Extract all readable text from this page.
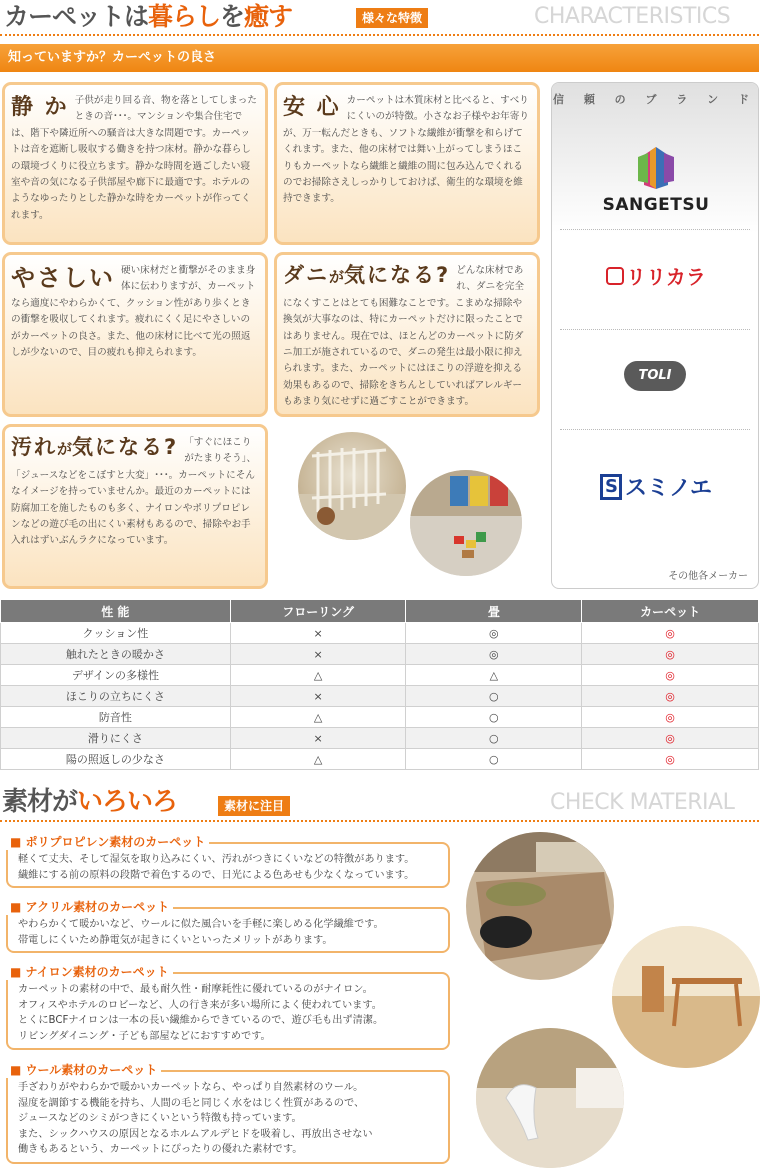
カーペットは暮らしを癒す	様々な特徴	CHARACTERISTICS
知っていますか？カーペットの良さ
静 か 子供が走り回る音、物を落としてしまったときの音･･･。マンションや集合住宅では、階下や隣近所への騒音は大きな問題です。カーペットは音を遮断し吸収する働きを持つ床材。静かな暮らしの環境づくりに役立ちます。静かな時間を過ごしたい寝室や音の気になる子供部屋や廊下に最適です。ホテルのようなゆったりとした静かな時をカーペットが作ってくれます。
安 心 カーペットは木質床材と比べると、すべりにくいのが特徴。小さなお子様やお年寄りが、万一転んだときも、ソフトな繊維が衝撃を和らげてくれます。また、他の床材では舞い上がってしまうほこりもカーペットなら繊維と繊維の間に包み込んでくれるのでお掃除さえしっかりしておけば、衛生的な環境を維持できます。
やさしい 硬い床材だと衝撃がそのまま身体に伝わりますが、カーペットなら適度にやわらかくて、クッション性があり歩くときの衝撃を吸収してくれます。疲れにくく足にやさしいのがカーペットの良さ。また、他の床材に比べて光の照返しが少ないので、目の疲れも抑えられます。
ダニが気になる? どんな床材であれ、ダニを完全になくすことはとても困難なことです。こまめな掃除や換気が大事なのは、特にカーペットだけに限ったことではありません。現在では、ほとんどのカーペットに防ダニ加工が施されているので、ダニの発生は最小限に抑えられます。また、カーペットにはほこりの浮遊を抑える効果もあるので、掃除をきちんとしていればアレルギーもあまり気にせずに過ごすことができます。
汚れが気になる? 「すぐにほこりがたまりそう」、「ジュースなどをこぼすと大変」･･･。カーペットにそんなイメージを持っていませんか。最近のカーペットには防腐加工を施したものも多く、ナイロンやポリプロピレンなどの遊び毛の出にくい素材もあるので、掃除やお手入れはずいぶんラクになっています。
信 頼 の ブ ラ ン ド
SANGETSU
リリカラ
TOLI
S スミノエ
その他各メーカー
性 能	フローリング	畳	カーペット
クッション性	×	◎	◎
触れたときの暖かさ	×	◎	◎
デザインの多様性	△	△	◎
ほこりの立ちにくさ	×	○	◎
防音性	△	○	◎
滑りにくさ	×	○	◎
陽の照返しの少なさ	△	○	◎
素材がいろいろ	素材に注目	CHECK MATERIAL
軽くて丈夫、そして湿気を取り込みにくい、汚れがつきにくいなどの特徴があります。
繊維にする前の原料の段階で着色するので、日光による色あせも少なくなっています。
■ ポリプロピレン素材のカーペット
やわらかくて暖かいなど、ウールに似た風合いを手軽に楽しめる化学繊維です。
帯電しにくいため静電気が起きにくいといったメリットがあります。
■ アクリル素材のカーペット
カーペットの素材の中で、最も耐久性・耐摩耗性に優れているのがナイロン。
オフィスやホテルのロビーなど、人の行き来が多い場所によく使われています。
とくにBCFナイロンは一本の長い繊維からできているので、遊び毛も出ず清潔。
リビングダイニング・子ども部屋などにおすすめです。
■ ナイロン素材のカーペット
手ざわりがやわらかで暖かいカーペットなら、やっぱり自然素材のウール。
湿度を調節する機能を持ち、人間の毛と同じく水をはじく性質があるので、
ジュースなどのシミがつきにくいという特徴も持っています。
また、シックハウスの原因となるホルムアルデヒドを吸着し、再放出させない
働きもあるという、カーペットにぴったりの優れた素材です。
■ ウール素材のカーペット
